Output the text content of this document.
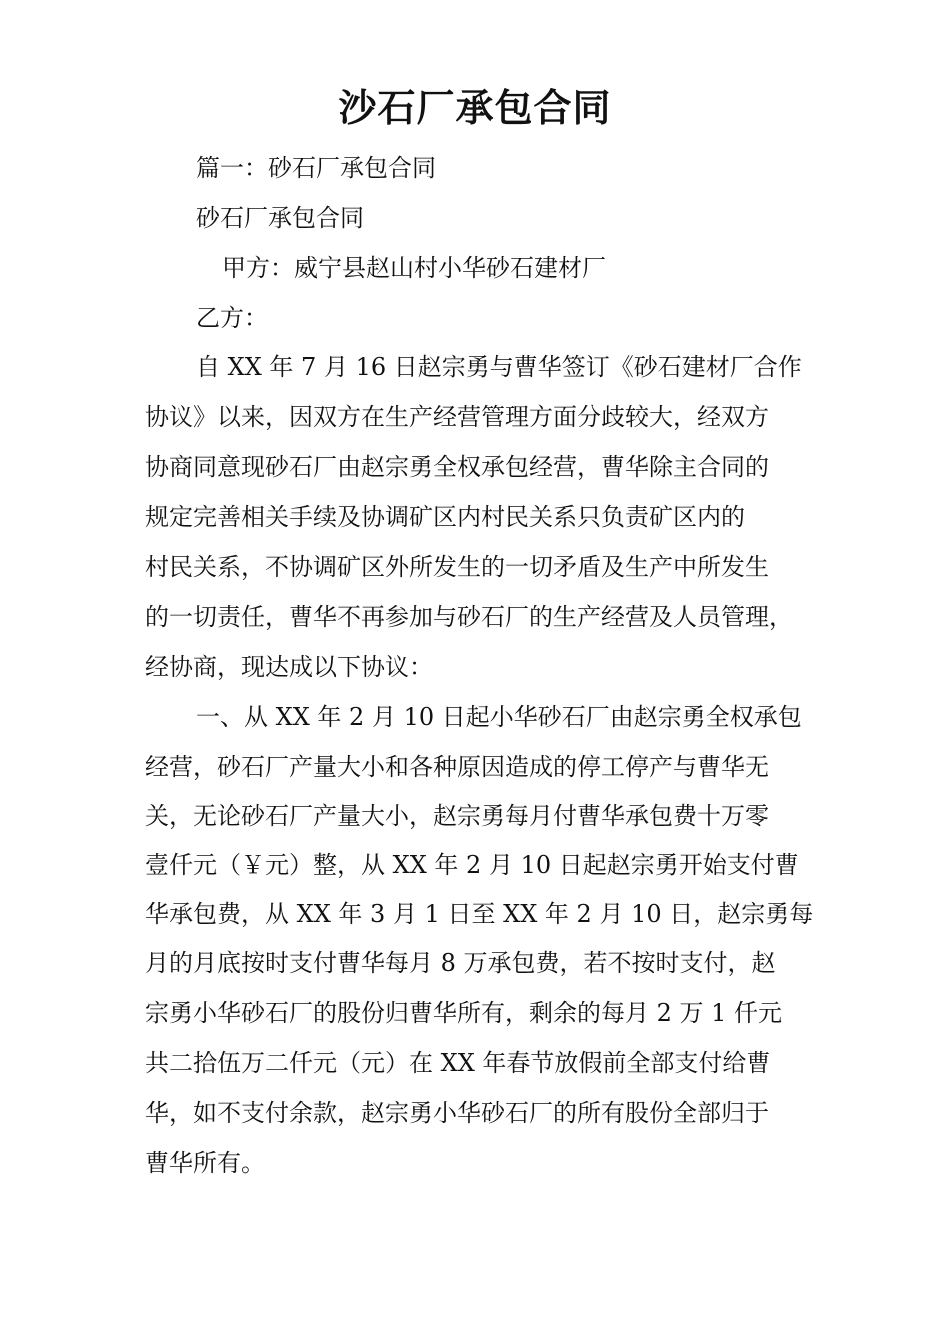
沙石厂承包合同
篇一：砂石厂承包合同
砂石厂承包合同
甲方：威宁县赵山村小华砂石建材厂
乙方：
自 XX 年 7 月 16 日赵宗勇与曹华签订《砂石建材厂合作
协议》以来，因双方在生产经营管理方面分歧较大，经双方
协商同意现砂石厂由赵宗勇全权承包经营，曹华除主合同的
规定完善相关手续及协调矿区内村民关系只负责矿区内的
村民关系，不协调矿区外所发生的一切矛盾及生产中所发生
的一切责任，曹华不再参加与砂石厂的生产经营及人员管理，
经协商，现达成以下协议：
一、从 XX 年 2 月 10 日起小华砂石厂由赵宗勇全权承包
经营，砂石厂产量大小和各种原因造成的停工停产与曹华无
关，无论砂石厂产量大小，赵宗勇每月付曹华承包费十万零
壹仟元（￥元）整，从 XX 年 2 月 10 日起赵宗勇开始支付曹
华承包费，从 XX 年 3 月 1 日至 XX 年 2 月 10 日，赵宗勇每
月的月底按时支付曹华每月 8 万承包费，若不按时支付，赵
宗勇小华砂石厂的股份归曹华所有，剩余的每月 2 万 1 仟元
共二拾伍万二仟元（元）在 XX 年春节放假前全部支付给曹
华，如不支付余款，赵宗勇小华砂石厂的所有股份全部归于
曹华所有。
